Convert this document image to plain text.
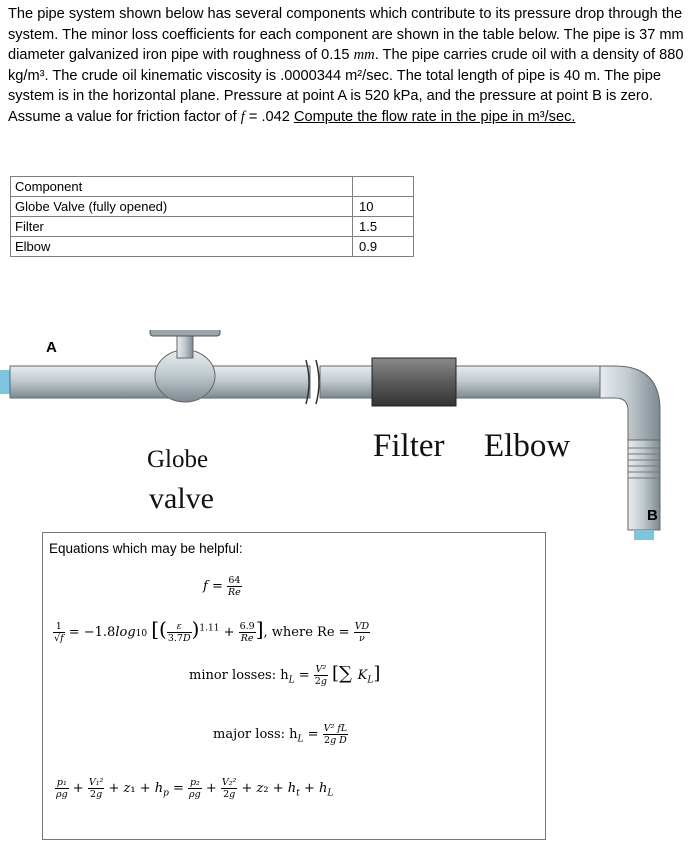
The pipe system shown below has several components which contribute to its pressure drop through the system. The minor loss coefficients for each component are shown in the table below. The pipe is 37 mm diameter galvanized iron pipe with roughness of 0.15 mm. The pipe carries crude oil with a density of 880 kg/m³. The crude oil kinematic viscosity is .0000344 m²/sec. The total length of pipe is 40 m. The pipe system is in the horizontal plane. Pressure at point A is 520 kPa, and the pressure at point B is zero. Assume a value for friction factor of f = .042 Compute the flow rate in the pipe in m³/sec.
Component	
Globe Valve (fully opened)	10
Filter	1.5
Elbow	0.9
A
B
Globe
valve
Filter Elbow
Equations which may be helpful:
$f = \frac{64}{Re}$
$\frac{1}{√f} = -1.8\log 10$ [( $\frac{\varepsilon}{3.7D} )^{1.11} + \frac{6.9}{Re}$ ], where $Re = \frac{VD}{\nu}$
minor losses: $h_L = \frac{\text{V²}}{2g}$ [∑ $K_L$]
major loss: $h_L = \frac{\text{V² fL}}{\text{2g D}}$
$\frac{\text{p₁}}{\rho g} + \frac{\text{V₁²}}{2g} + z_1 + h_p = \frac{\text{p₂}}{\rho g} + \frac{\text{V₂²}}{2g} + z_2 + h_t + h_L$
